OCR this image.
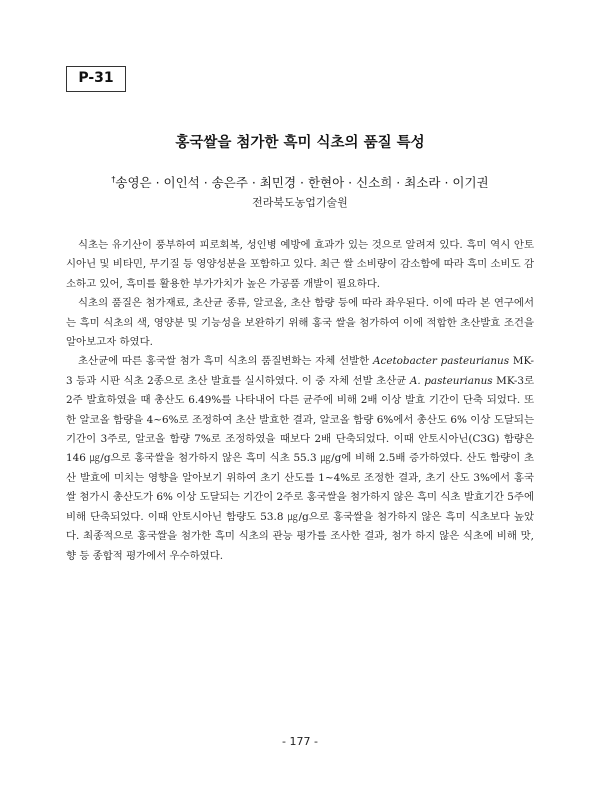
P-31
홍국쌀을 첨가한 흑미 식초의 품질 특성
†송영은 · 이인석 · 송은주 · 최민경 · 한현아 · 신소희 · 최소라 · 이기권
전라북도농업기술원

식초는 유기산이 풍부하여 피로회복, 성인병 예방에 효과가 있는 것으로 알려져 있다. 흑미 역시 안토시아닌 및 비타민, 무기질 등 영양성분을 포함하고 있다. 최근 쌀 소비량이 감소함에 따라 흑미 소비도 감소하고 있어, 흑미를 활용한 부가가치가 높은 가공품 개발이 필요하다.

식초의 품질은 첨가재료, 초산균 종류, 알코올, 초산 함량 등에 따라 좌우된다. 이에 따라 본 연구에서는 흑미 식초의 색, 영양분 및 기능성을 보완하기 위해 홍국 쌀을 첨가하여 이에 적합한 초산발효 조건을 알아보고자 하였다.

초산균에 따른 홍국쌀 첨가 흑미 식초의 품질변화는 자체 선발한 Acetobacter pasteurianus MK-3 등과 시판 식초 2종으로 초산 발효를 실시하였다. 이 중 자체 선발 초산균 A. pasteurianus MK-3로 2주 발효하였을 때 총산도 6.49%를 나타내어 다른 균주에 비해 2배 이상 발효 기간이 단축 되었다. 또한 알코올 함량을 4~6%로 조정하여 초산 발효한 결과, 알코올 함량 6%에서 총산도 6% 이상 도달되는 기간이 3주로, 알코올 함량 7%로 조정하였을 때보다 2배 단축되었다. 이때 안토시아닌(C3G) 함량은 146 ㎍/g으로 홍국쌀을 첨가하지 않은 흑미 식초 55.3 ㎍/g에 비해 2.5배 증가하였다. 산도 함량이 초산 발효에 미치는 영향을 알아보기 위하여 초기 산도를 1~4%로 조정한 결과, 초기 산도 3%에서 홍국쌀 첨가시 총산도가 6% 이상 도달되는 기간이 2주로 홍국쌀을 첨가하지 않은 흑미 식초 발효기간 5주에 비해 단축되었다. 이때 안토시아닌 함량도 53.8 ㎍/g으로 홍국쌀을 첨가하지 않은 흑미 식초보다 높았다. 최종적으로 홍국쌀을 첨가한 흑미 식초의 관능 평가를 조사한 결과, 첨가 하지 않은 식초에 비해 맛, 향 등 종합적 평가에서 우수하였다.

- 177 -
